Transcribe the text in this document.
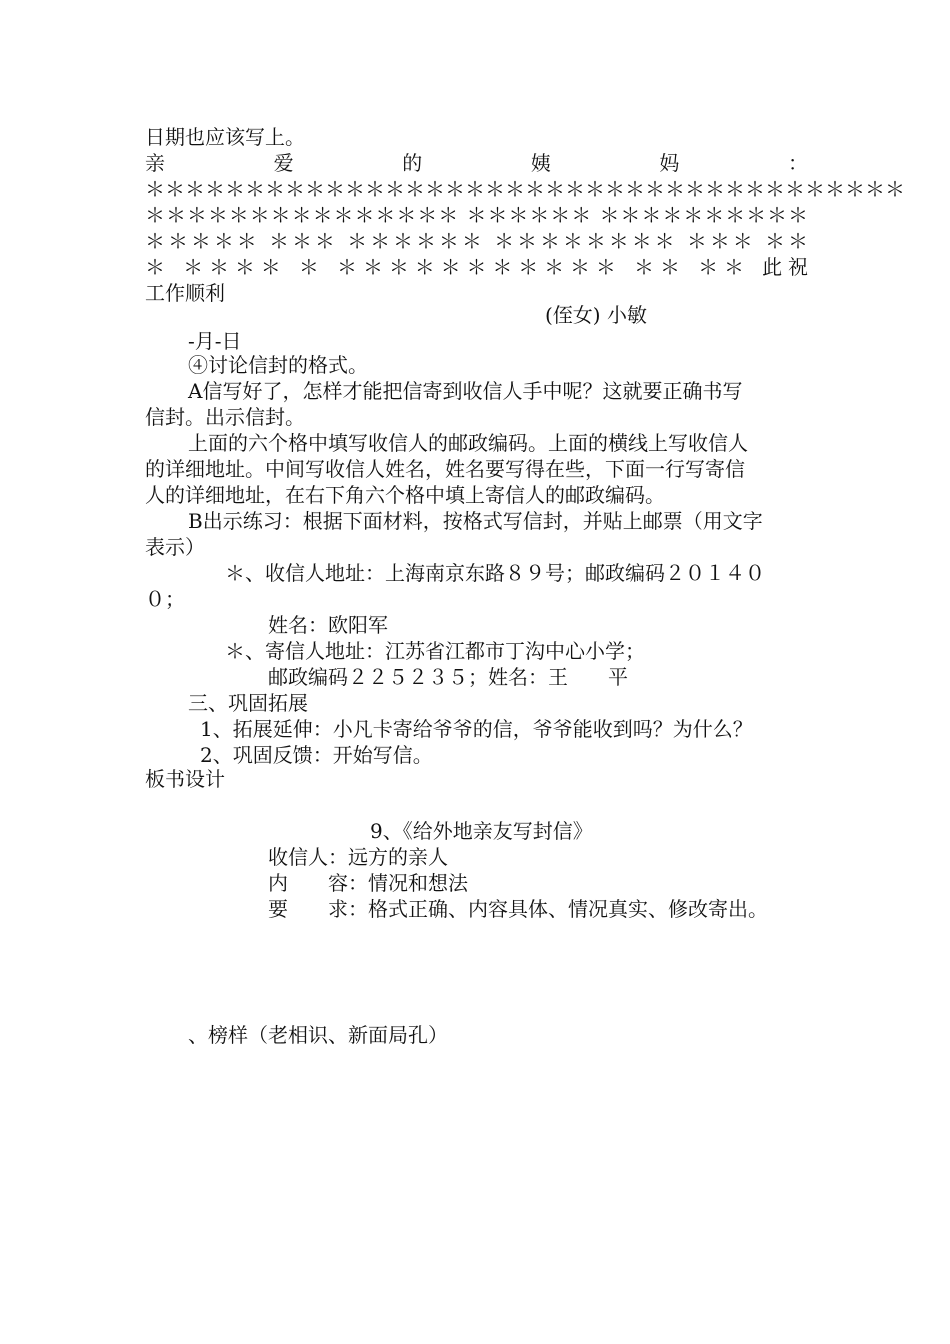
日期也应该写上。
亲　　　　爱　　　　的　　　　姨　　　　妈　　　　：
＊＊＊＊＊＊＊＊＊＊＊＊＊＊＊＊＊＊＊＊＊＊＊＊＊＊＊＊＊＊＊＊＊＊＊＊＊＊
＊＊＊＊＊＊＊＊＊＊＊＊＊＊＊ ＊＊＊＊＊＊ ＊＊＊＊＊＊＊＊＊＊
＊＊＊＊＊ ＊＊＊ ＊＊＊＊＊＊ ＊＊＊＊＊＊＊＊ ＊＊＊ ＊＊
＊ ＊＊＊＊ ＊ ＊＊＊＊＊＊＊＊＊＊＊ ＊＊ ＊＊ 此祝
工作顺利
(侄女) 小敏
-月-日
④讨论信封的格式。
A信写好了，怎样才能把信寄到收信人手中呢？这就要正确书写
信封。出示信封。
上面的六个格中填写收信人的邮政编码。上面的横线上写收信人
的详细地址。中间写收信人姓名，姓名要写得在些，下面一行写寄信
人的详细地址，在右下角六个格中填上寄信人的邮政编码。
B出示练习：根据下面材料，按格式写信封，并贴上邮票（用文字
表示）
＊、收信人地址：上海南京东路８９号；邮政编码２０１４０
０；
姓名：欧阳军
＊、寄信人地址：江苏省江都市丁沟中心小学；
邮政编码２２５２３５；姓名：王　　平
三、巩固拓展
1、拓展延伸：小凡卡寄给爷爷的信，爷爷能收到吗？为什么？
2、巩固反馈：开始写信。
板书设计
9、《给外地亲友写封信》
收信人：远方的亲人
内　　容：情况和想法
要　　求：格式正确、内容具体、情况真实、修改寄出。
、榜样（老相识、新面局孔）
